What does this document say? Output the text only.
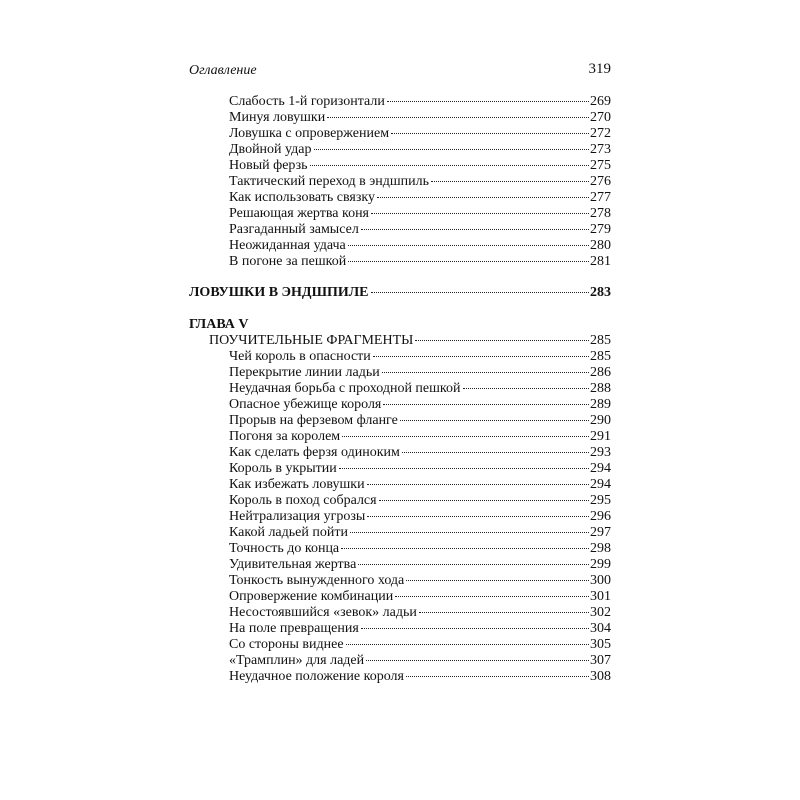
Оглавление	319
Слабость 1-й горизонтали	269
Минуя ловушки	270
Ловушка с опровержением	272
Двойной удар	273
Новый ферзь	275
Тактический переход в эндшпиль	276
Как использовать связку	277
Решающая жертва коня	278
Разгаданный замысел	279
Неожиданная удача	280
В погоне за пешкой	281
ЛОВУШКИ В ЭНДШПИЛЕ	283
ГЛАВА V
ПОУЧИТЕЛЬНЫЕ ФРАГМЕНТЫ	285
Чей король в опасности	285
Перекрытие линии ладьи	286
Неудачная борьба с проходной пешкой	288
Опасное убежище короля	289
Прорыв на ферзевом фланге	290
Погоня за королем	291
Как сделать ферзя одиноким	293
Король в укрытии	294
Как избежать ловушки	294
Король в поход собрался	295
Нейтрализация угрозы	296
Какой ладьей пойти	297
Точность до конца	298
Удивительная жертва	299
Тонкость вынужденного хода	300
Опровержение комбинации	301
Несостоявшийся «зевок» ладьи	302
На поле превращения	304
Со стороны виднее	305
«Трамплин» для ладей	307
Неудачное положение короля	308
